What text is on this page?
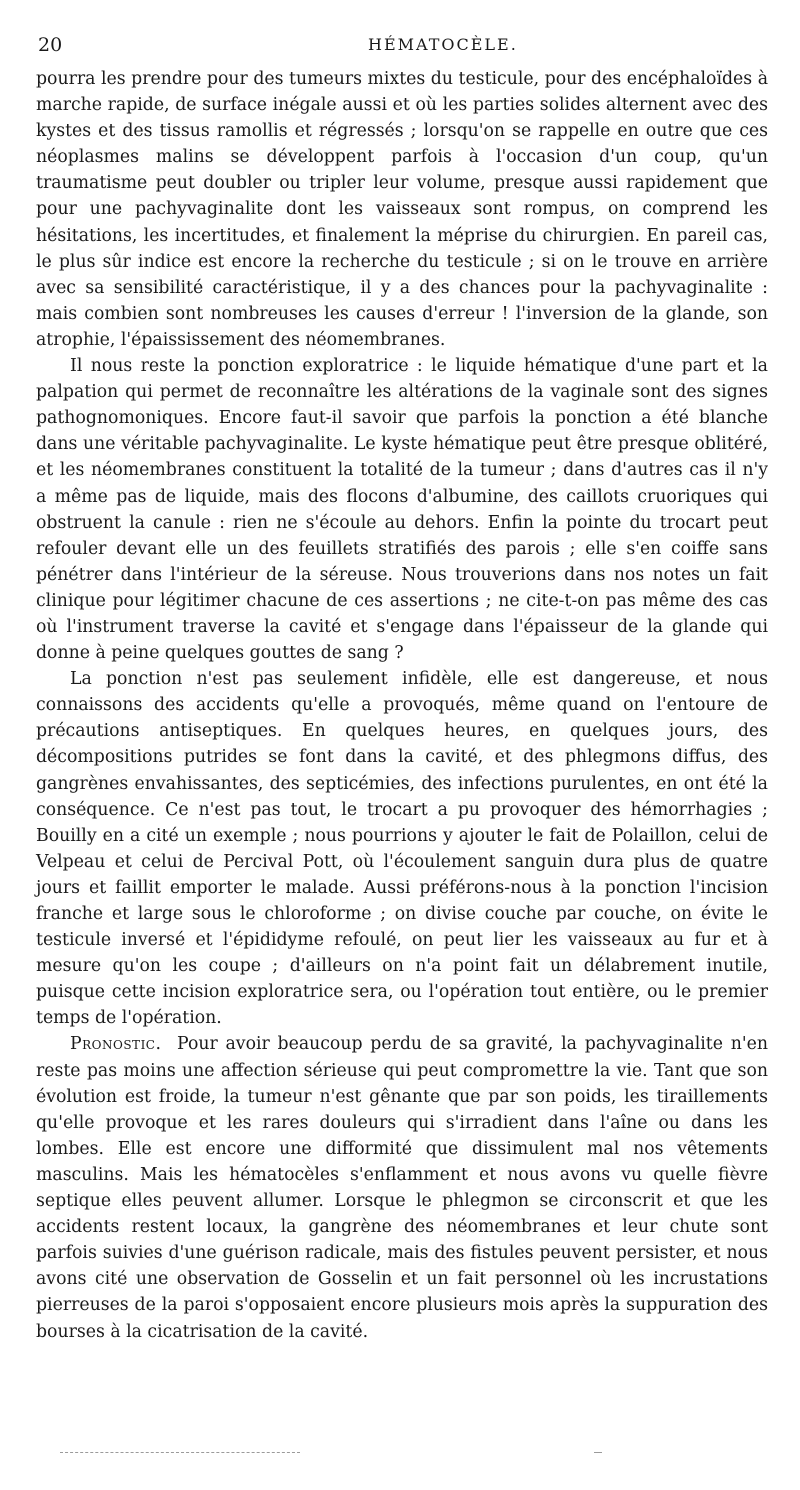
20	HÉMATOCÈLE.

pourra les prendre pour des tumeurs mixtes du testicule, pour des encéphaloïdes à marche rapide, de surface inégale aussi et où les parties solides alternent avec des kystes et des tissus ramollis et régressés ; lorsqu'on se rappelle en outre que ces néoplasmes malins se développent parfois à l'occasion d'un coup, qu'un traumatisme peut doubler ou tripler leur volume, presque aussi rapidement que pour une pachyvaginalite dont les vaisseaux sont rompus, on comprend les hésitations, les incertitudes, et finalement la méprise du chirurgien. En pareil cas, le plus sûr indice est encore la recherche du testicule ; si on le trouve en arrière avec sa sensibilité caractéristique, il y a des chances pour la pachyvaginalite : mais combien sont nombreuses les causes d'erreur ! l'inversion de la glande, son atrophie, l'épaississement des néomembranes.

Il nous reste la ponction exploratrice : le liquide hématique d'une part et la palpation qui permet de reconnaître les altérations de la vaginale sont des signes pathognomoniques. Encore faut-il savoir que parfois la ponction a été blanche dans une véritable pachyvaginalite. Le kyste hématique peut être presque oblitéré, et les néomembranes constituent la totalité de la tumeur ; dans d'autres cas il n'y a même pas de liquide, mais des flocons d'albumine, des caillots cruoriques qui obstruent la canule : rien ne s'écoule au dehors. Enfin la pointe du trocart peut refouler devant elle un des feuillets stratifiés des parois ; elle s'en coiffe sans pénétrer dans l'intérieur de la séreuse. Nous trouverions dans nos notes un fait clinique pour légitimer chacune de ces assertions ; ne cite-t-on pas même des cas où l'instrument traverse la cavité et s'engage dans l'épaisseur de la glande qui donne à peine quelques gouttes de sang ?

La ponction n'est pas seulement infidèle, elle est dangereuse, et nous connaissons des accidents qu'elle a provoqués, même quand on l'entoure de précautions antiseptiques. En quelques heures, en quelques jours, des décompositions putrides se font dans la cavité, et des phlegmons diffus, des gangrènes envahissantes, des septicémies, des infections purulentes, en ont été la conséquence. Ce n'est pas tout, le trocart a pu provoquer des hémorrhagies ; Bouilly en a cité un exemple ; nous pourrions y ajouter le fait de Polaillon, celui de Velpeau et celui de Percival Pott, où l'écoulement sanguin dura plus de quatre jours et faillit emporter le malade. Aussi préférons-nous à la ponction l'incision franche et large sous le chloroforme ; on divise couche par couche, on évite le testicule inversé et l'épididyme refoulé, on peut lier les vaisseaux au fur et à mesure qu'on les coupe ; d'ailleurs on n'a point fait un délabrement inutile, puisque cette incision exploratrice sera, ou l'opération tout entière, ou le premier temps de l'opération.

Pronostic. Pour avoir beaucoup perdu de sa gravité, la pachyvaginalite n'en reste pas moins une affection sérieuse qui peut compromettre la vie. Tant que son évolution est froide, la tumeur n'est gênante que par son poids, les tiraillements qu'elle provoque et les rares douleurs qui s'irradient dans l'aîne ou dans les lombes. Elle est encore une difformité que dissimulent mal nos vêtements masculins. Mais les hématocèles s'enflamment et nous avons vu quelle fièvre septique elles peuvent allumer. Lorsque le phlegmon se circonscrit et que les accidents restent locaux, la gangrène des néomembranes et leur chute sont parfois suivies d'une guérison radicale, mais des fistules peuvent persister, et nous avons cité une observation de Gosselin et un fait personnel où les incrustations pierreuses de la paroi s'opposaient encore plusieurs mois après la suppuration des bourses à la cicatrisation de la cavité.
